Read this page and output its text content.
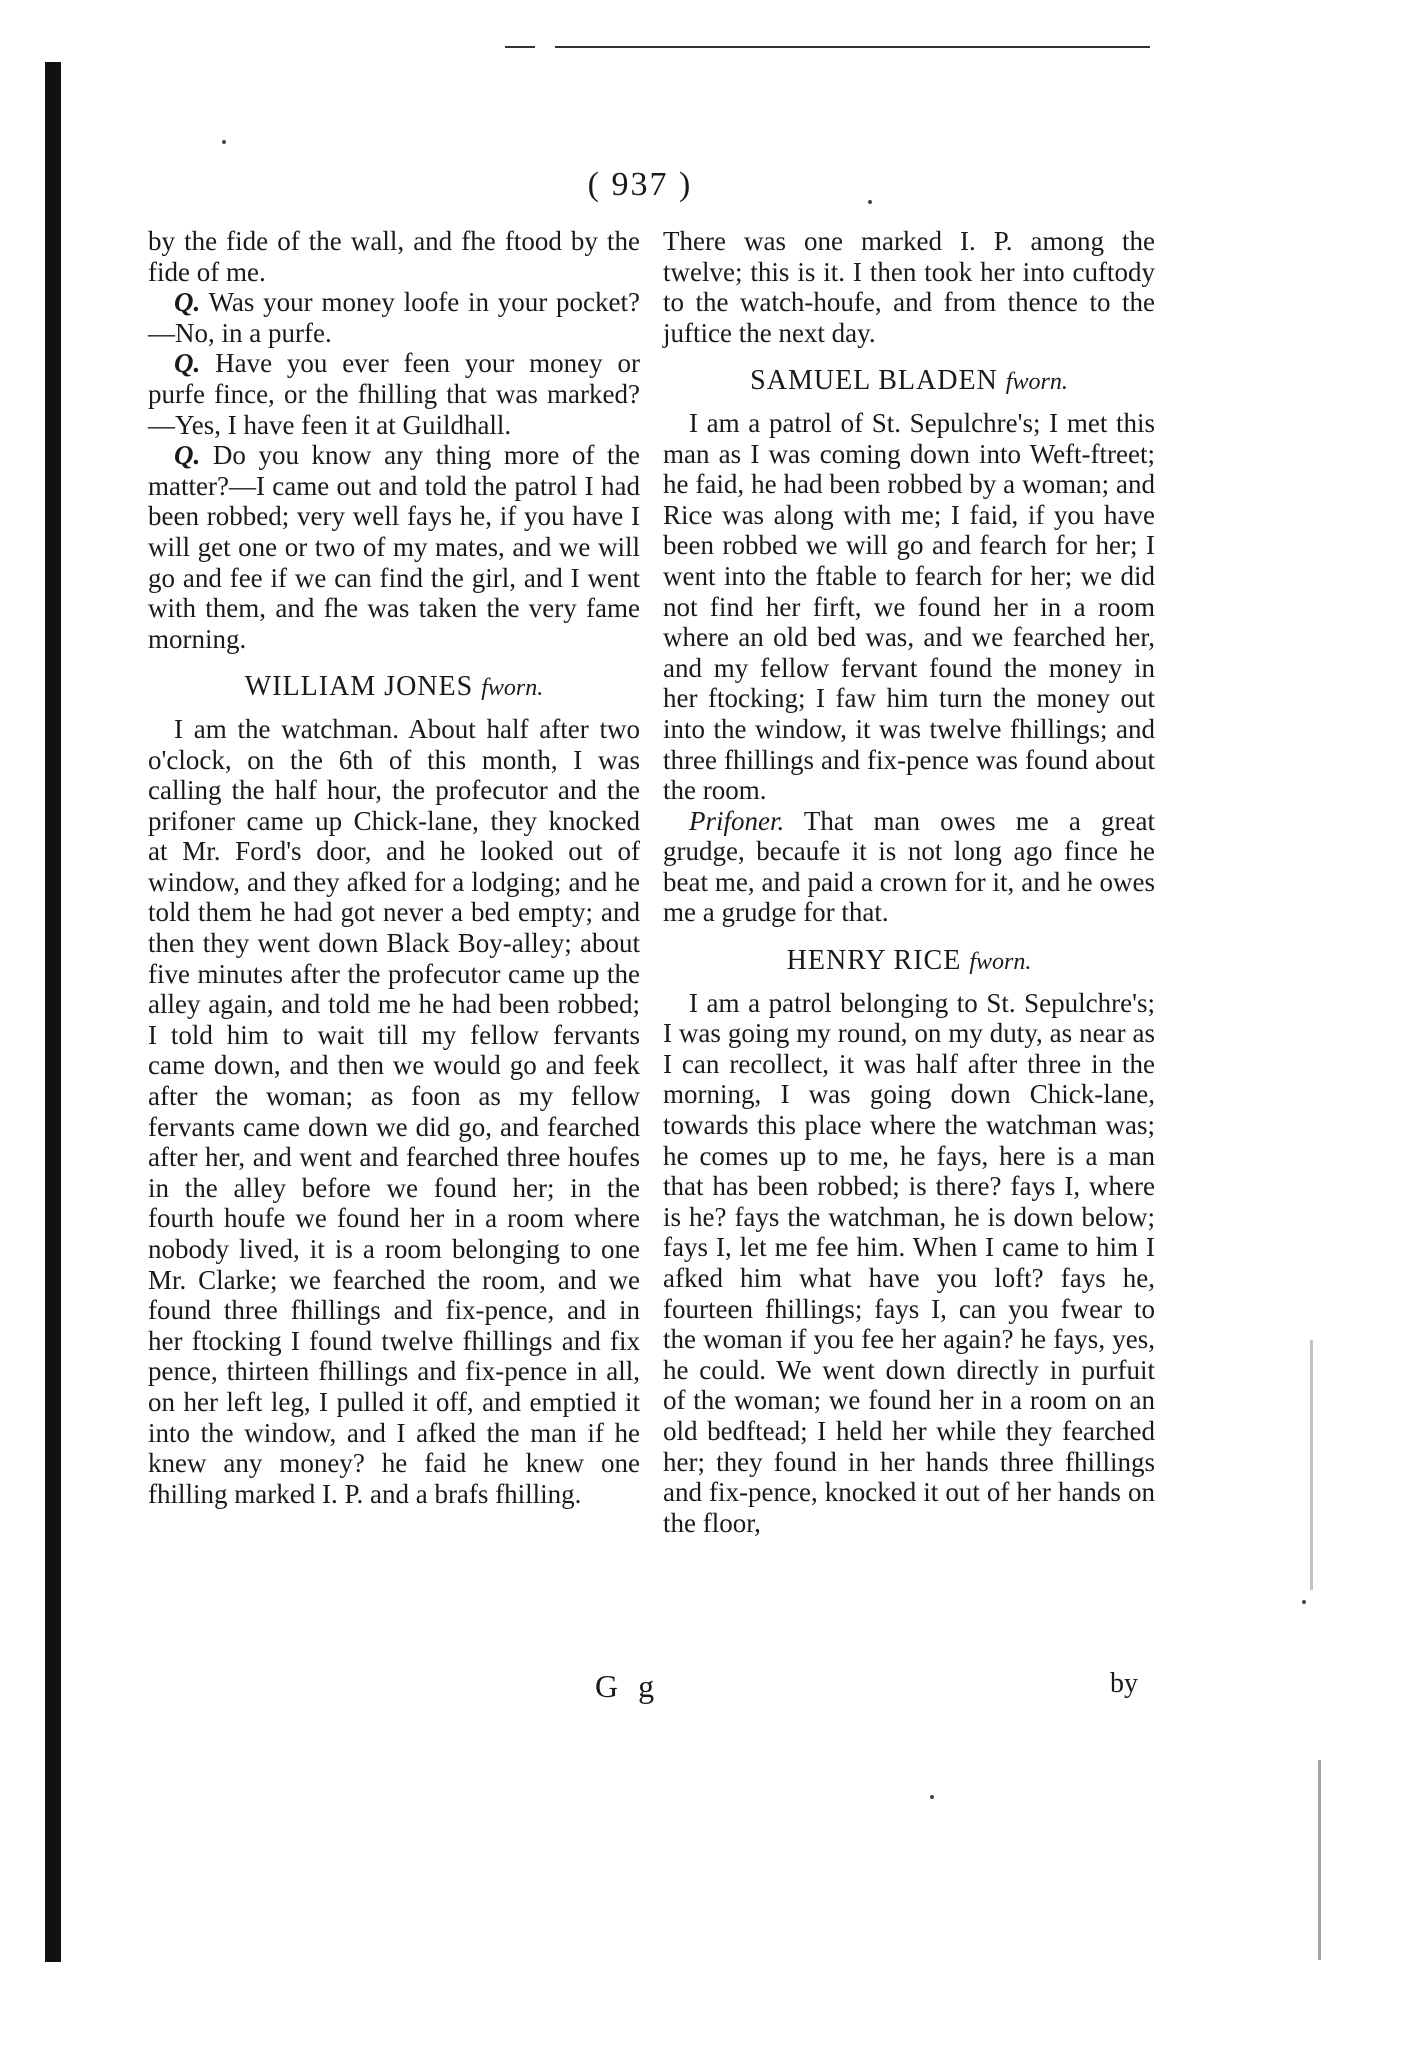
( 937 )

by the fide of the wall, and fhe ftood by the fide of me.

Q. Was your money loofe in your pocket?—No, in a purfe.

Q. Have you ever feen your money or purfe fince, or the fhilling that was marked?—Yes, I have feen it at Guildhall.

Q. Do you know any thing more of the matter?—I came out and told the patrol I had been robbed; very well fays he, if you have I will get one or two of my mates, and we will go and fee if we can find the girl, and I went with them, and fhe was taken the very fame morning.

WILLIAM JONES fworn.

I am the watchman. About half after two o'clock, on the 6th of this month, I was calling the half hour, the profecutor and the prifoner came up Chick-lane, they knocked at Mr. Ford's door, and he looked out of window, and they afked for a lodging; and he told them he had got never a bed empty; and then they went down Black Boy-alley; about five minutes after the profecutor came up the alley again, and told me he had been robbed; I told him to wait till my fellow fervants came down, and then we would go and feek after the woman; as foon as my fellow fervants came down we did go, and fearched after her, and went and fearched three houfes in the alley before we found her; in the fourth houfe we found her in a room where nobody lived, it is a room belonging to one Mr. Clarke; we fearched the room, and we found three fhillings and fix-pence, and in her ftocking I found twelve fhillings and fix pence, thirteen fhillings and fix-pence in all, on her left leg, I pulled it off, and emptied it into the window, and I afked the man if he knew any money? he faid he knew one fhilling marked I. P. and a brafs fhilling.

There was one marked I. P. among the twelve; this is it. I then took her into cuftody to the watch-houfe, and from thence to the juftice the next day.

SAMUEL BLADEN fworn.

I am a patrol of St. Sepulchre's; I met this man as I was coming down into Weft-ftreet; he faid, he had been robbed by a woman; and Rice was along with me; I faid, if you have been robbed we will go and fearch for her; I went into the ftable to fearch for her; we did not find her firft, we found her in a room where an old bed was, and we fearched her, and my fellow fervant found the money in her ftocking; I faw him turn the money out into the window, it was twelve fhillings; and three fhillings and fix-pence was found about the room.

Prifoner. That man owes me a great grudge, becaufe it is not long ago fince he beat me, and paid a crown for it, and he owes me a grudge for that.

HENRY RICE fworn.

I am a patrol belonging to St. Sepulchre's; I was going my round, on my duty, as near as I can recollect, it was half after three in the morning, I was going down Chick-lane, towards this place where the watchman was; he comes up to me, he fays, here is a man that has been robbed; is there? fays I, where is he? fays the watchman, he is down below; fays I, let me fee him. When I came to him I afked him what have you loft? fays he, fourteen fhillings; fays I, can you fwear to the woman if you fee her again? he fays, yes, he could. We went down directly in purfuit of the woman; we found her in a room on an old bedftead; I held her while they fearched her; they found in her hands three fhillings and fix-pence, knocked it out of her hands on the floor,

G g	by
